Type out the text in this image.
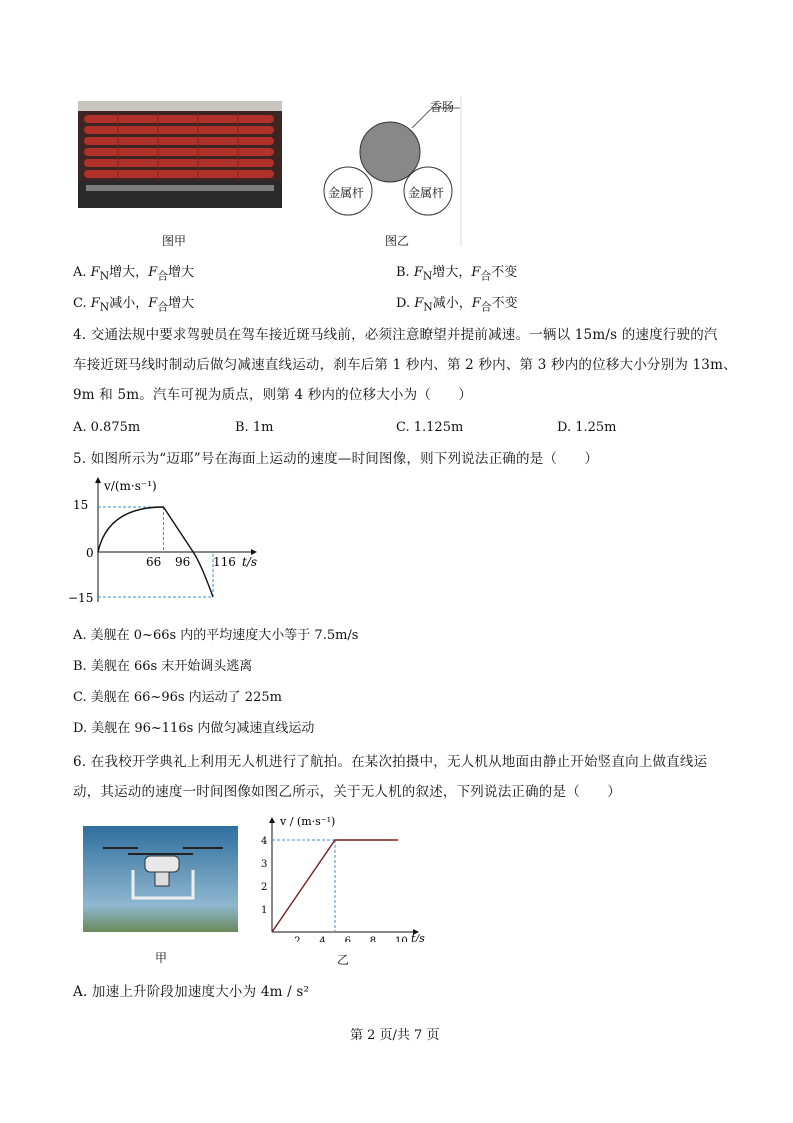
图甲
香肠
金属杆	金属杆
图乙
A. $F_N$增大，$F_合$增大	B. $F_N$增大，$F_合$不变
C. $F_N$减小，$F_合$增大	D. $F_N$减小，$F_合$不变
4. 交通法规中要求驾驶员在驾车接近斑马线前，必须注意瞭望并提前减速。一辆以 15m/s 的速度行驶的汽
车接近斑马线时制动后做匀减速直线运动，刹车后第 1 秒内、第 2 秒内、第 3 秒内的位移大小分别为 13m、
9m 和 5m。汽车可视为质点，则第 4 秒内的位移大小为（　　）
A. 0.875m	B. 1m	C. 1.125m	D. 1.25m
5. 如图所示为“迈耶”号在海面上运动的速度—时间图像，则下列说法正确的是（　　）
v/(m·s⁻¹)
t/s
15
0
−15
66 96 116
A. 美舰在 0~66s 内的平均速度大小等于 7.5m/s
B. 美舰在 66s 末开始调头逃离
C. 美舰在 66~96s 内运动了 225m
D. 美舰在 96~116s 内做匀减速直线运动
6. 在我校开学典礼上利用无人机进行了航拍。在某次拍摄中，无人机从地面由静止开始竖直向上做直线运
动，其运动的速度一时间图像如图乙所示，关于无人机的叙述，下列说法正确的是（　　）
甲
v / (m·s⁻¹)
t/s
2 4 6 8 10
1
2
3
4
乙
A. 加速上升阶段加速度大小为 4m / s²
第 2 页/共 7 页
